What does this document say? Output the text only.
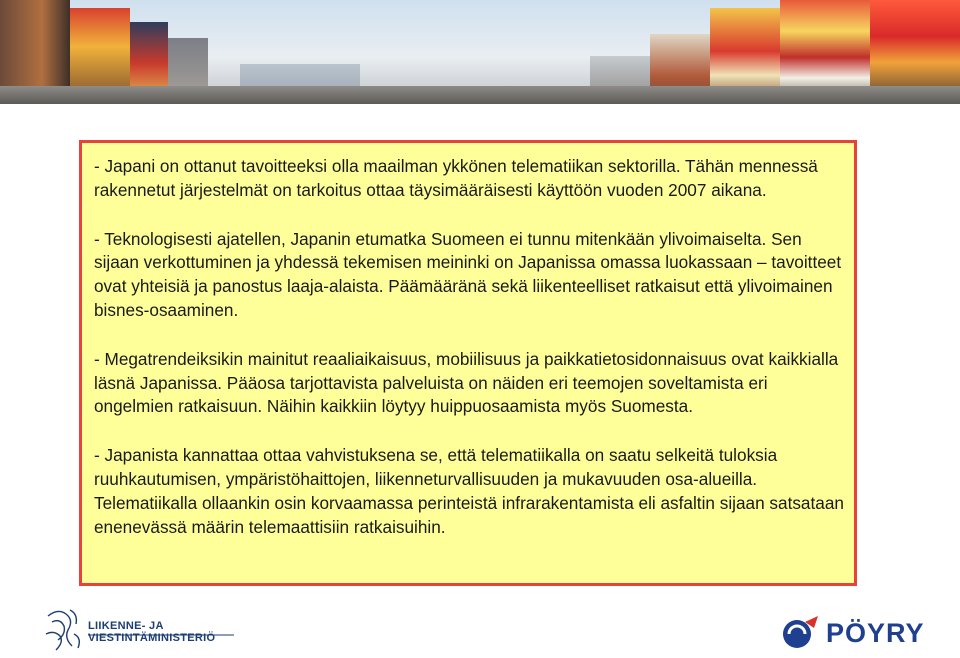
- Japani on ottanut tavoitteeksi olla maailman ykkönen telematiikan sektorilla. Tähän mennessä rakennetut järjestelmät on tarkoitus ottaa täysimääräisesti käyttöön vuoden 2007 aikana.

- Teknologisesti ajatellen, Japanin etumatka Suomeen ei tunnu mitenkään ylivoimaiselta. Sen sijaan verkottuminen ja yhdessä tekemisen meininki on Japanissa omassa luokassaan – tavoitteet ovat yhteisiä ja panostus laaja-alaista. Päämääränä sekä liikenteelliset ratkaisut että ylivoimainen bisnes-osaaminen.

- Megatrendeiksikin mainitut reaaliaikaisuus, mobiilisuus ja paikkatietosidonnaisuus ovat kaikkialla läsnä Japanissa. Pääosa tarjottavista palveluista on näiden eri teemojen soveltamista eri ongelmien ratkaisuun. Näihin kaikkiin löytyy huippuosaamista myös Suomesta.

- Japanista kannattaa ottaa vahvistuksena se, että telematiikalla on saatu selkeitä tuloksia ruuhkautumisen, ympäristöhaittojen, liikenneturvallisuuden ja mukavuuden osa-alueilla. Telematiikalla ollaankin osin korvaamassa perinteistä infrarakentamista eli asfaltin sijaan satsataan enenevässä määrin telemaattisiin ratkaisuihin.

LIIKENNE- JA
VIESTINTÄMINISTERIÖ	PÖYRY
